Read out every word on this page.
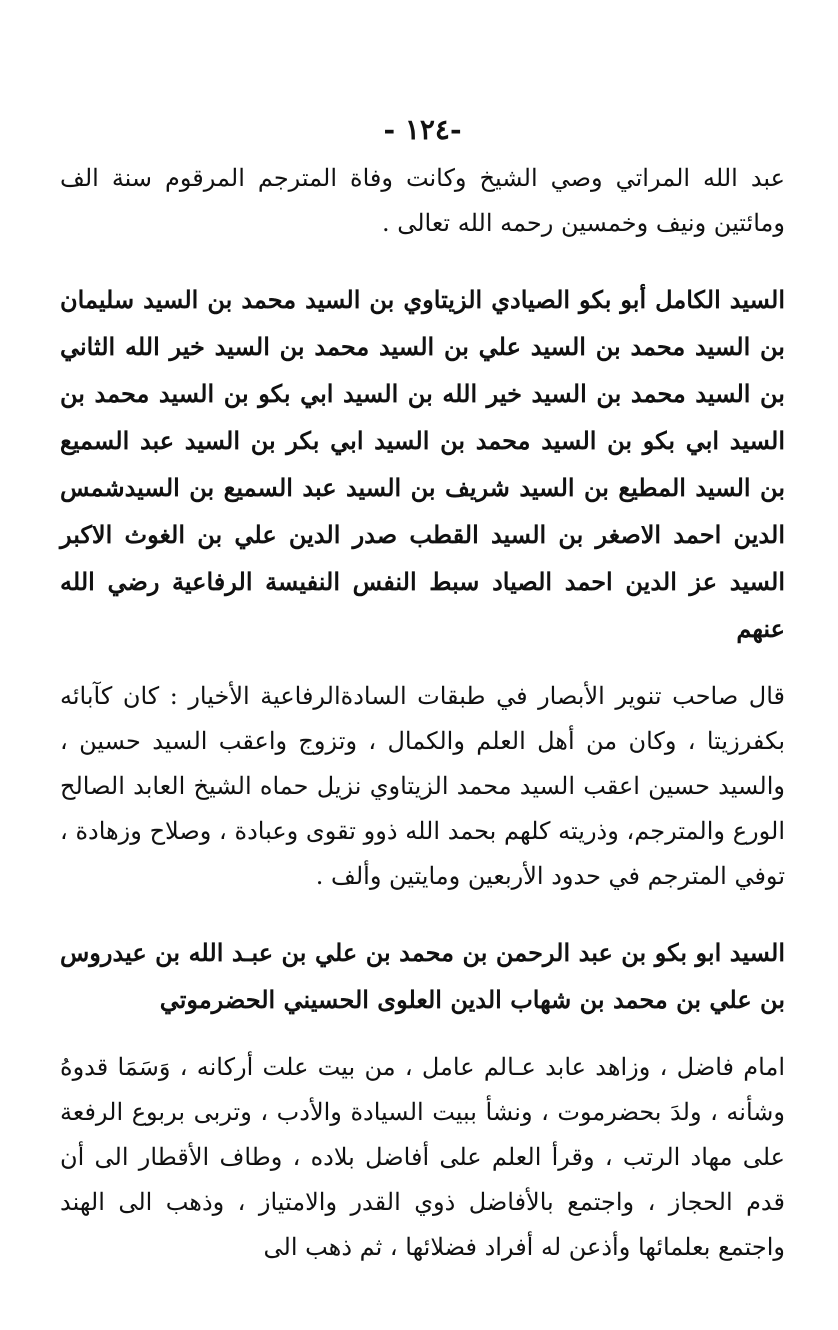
-١٢٤ -

عبد الله المراتي وصي الشيخ وكانت وفاة المترجم المرقوم سنة الف ومائتين ونيف وخمسين رحمه الله تعالى .

السيد الكامل أبو بكو الصيادي الزيتاوي بن السيد محمد بن السيد سليمان بن السيد محمد بن السيد علي بن السيد محمد بن السيد خير الله الثاني بن السيد محمد بن السيد خير الله بن السيد ابي بكو بن السيد محمد بن السيد ابي بكو بن السيد محمد بن السيد ابي بكر بن السيد عبد السميع بن السيد المطيع بن السيد شريف بن السيد عبد السميع بن السيدشمس الدين احمد الاصغر بن السيد القطب صدر الدين علي بن الغوث الاكبر السيد عز الدين احمد الصياد سبط النفس النفيسة الرفاعية رضي الله عنهم

قال صاحب تنوير الأبصار في طبقات السادةالرفاعية الأخيار : كان كآبائه بكفرزيتا ، وكان من أهل العلم والكمال ، وتزوج واعقب السيد حسين ، والسيد حسين اعقب السيد محمد الزيتاوي نزيل حماه الشيخ العابد الصالح الورع والمترجم، وذريته كلهم بحمد الله ذوو تقوى وعبادة ، وصلاح وزهادة ، توفي المترجم في حدود الأربعين ومايتين وألف .

السيد ابو بكو بن عبد الرحمن بن محمد بن علي بن عبـد الله بن عيدروس بن علي بن محمد بن شهاب الدين العلوى الحسيني الحضرموتي

امام فاضل ، وزاهد عابد عـالم عامل ، من بيت علت أركانه ، وَسَمَا قدوهُ وشأنه ، ولدَ بحضرموت ، ونشأ ببيت السيادة والأدب ، وتربى بربوع الرفعة على مهاد الرتب ، وقرأ العلم على أفاضل بلاده ، وطاف الأقطار الى أن قدم الحجاز ، واجتمع بالأفاضل ذوي القدر والامتياز ، وذهب الى الهند واجتمع بعلمائها وأذعن له أفراد فضلائها ، ثم ذهب الى
